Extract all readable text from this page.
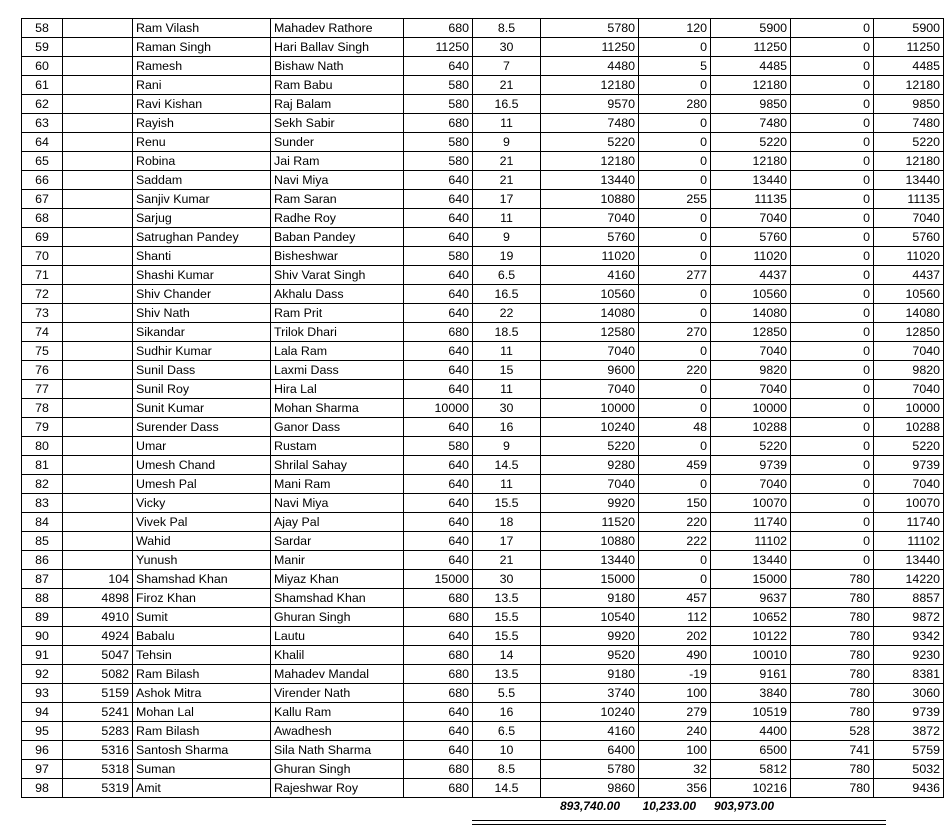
58		Ram Vilash	Mahadev Rathore	680	8.5	5780	120	5900	0	5900
59		Raman Singh	Hari Ballav Singh	11250	30	11250	0	11250	0	11250
60		Ramesh	Bishaw Nath	640	7	4480	5	4485	0	4485
61		Rani	Ram Babu	580	21	12180	0	12180	0	12180
62		Ravi Kishan	Raj Balam	580	16.5	9570	280	9850	0	9850
63		Rayish	Sekh Sabir	680	11	7480	0	7480	0	7480
64		Renu	Sunder	580	9	5220	0	5220	0	5220
65		Robina	Jai Ram	580	21	12180	0	12180	0	12180
66		Saddam	Navi Miya	640	21	13440	0	13440	0	13440
67		Sanjiv Kumar	Ram Saran	640	17	10880	255	11135	0	11135
68		Sarjug	Radhe Roy	640	11	7040	0	7040	0	7040
69		Satrughan Pandey	Baban Pandey	640	9	5760	0	5760	0	5760
70		Shanti	Bisheshwar	580	19	11020	0	11020	0	11020
71		Shashi Kumar	Shiv Varat Singh	640	6.5	4160	277	4437	0	4437
72		Shiv Chander	Akhalu Dass	640	16.5	10560	0	10560	0	10560
73		Shiv Nath	Ram Prit	640	22	14080	0	14080	0	14080
74		Sikandar	Trilok Dhari	680	18.5	12580	270	12850	0	12850
75		Sudhir Kumar	Lala Ram	640	11	7040	0	7040	0	7040
76		Sunil Dass	Laxmi Dass	640	15	9600	220	9820	0	9820
77		Sunil Roy	Hira Lal	640	11	7040	0	7040	0	7040
78		Sunit Kumar	Mohan Sharma	10000	30	10000	0	10000	0	10000
79		Surender Dass	Ganor Dass	640	16	10240	48	10288	0	10288
80		Umar	Rustam	580	9	5220	0	5220	0	5220
81		Umesh Chand	Shrilal Sahay	640	14.5	9280	459	9739	0	9739
82		Umesh Pal	Mani Ram	640	11	7040	0	7040	0	7040
83		Vicky	Navi Miya	640	15.5	9920	150	10070	0	10070
84		Vivek Pal	Ajay Pal	640	18	11520	220	11740	0	11740
85		Wahid	Sardar	640	17	10880	222	11102	0	11102
86		Yunush	Manir	640	21	13440	0	13440	0	13440
87	104	Shamshad Khan	Miyaz Khan	15000	30	15000	0	15000	780	14220
88	4898	Firoz Khan	Shamshad Khan	680	13.5	9180	457	9637	780	8857
89	4910	Sumit	Ghuran Singh	680	15.5	10540	112	10652	780	9872
90	4924	Babalu	Lautu	640	15.5	9920	202	10122	780	9342
91	5047	Tehsin	Khalil	680	14	9520	490	10010	780	9230
92	5082	Ram Bilash	Mahadev Mandal	680	13.5	9180	-19	9161	780	8381
93	5159	Ashok Mitra	Virender Nath	680	5.5	3740	100	3840	780	3060
94	5241	Mohan Lal	Kallu Ram	640	16	10240	279	10519	780	9739
95	5283	Ram Bilash	Awadhesh	640	6.5	4160	240	4400	528	3872
96	5316	Santosh Sharma	Sila Nath Sharma	640	10	6400	100	6500	741	5759
97	5318	Suman	Ghuran Singh	680	8.5	5780	32	5812	780	5032
98	5319	Amit	Rajeshwar Roy	680	14.5	9860	356	10216	780	9436
893,740.00	10,233.00	903,973.00
